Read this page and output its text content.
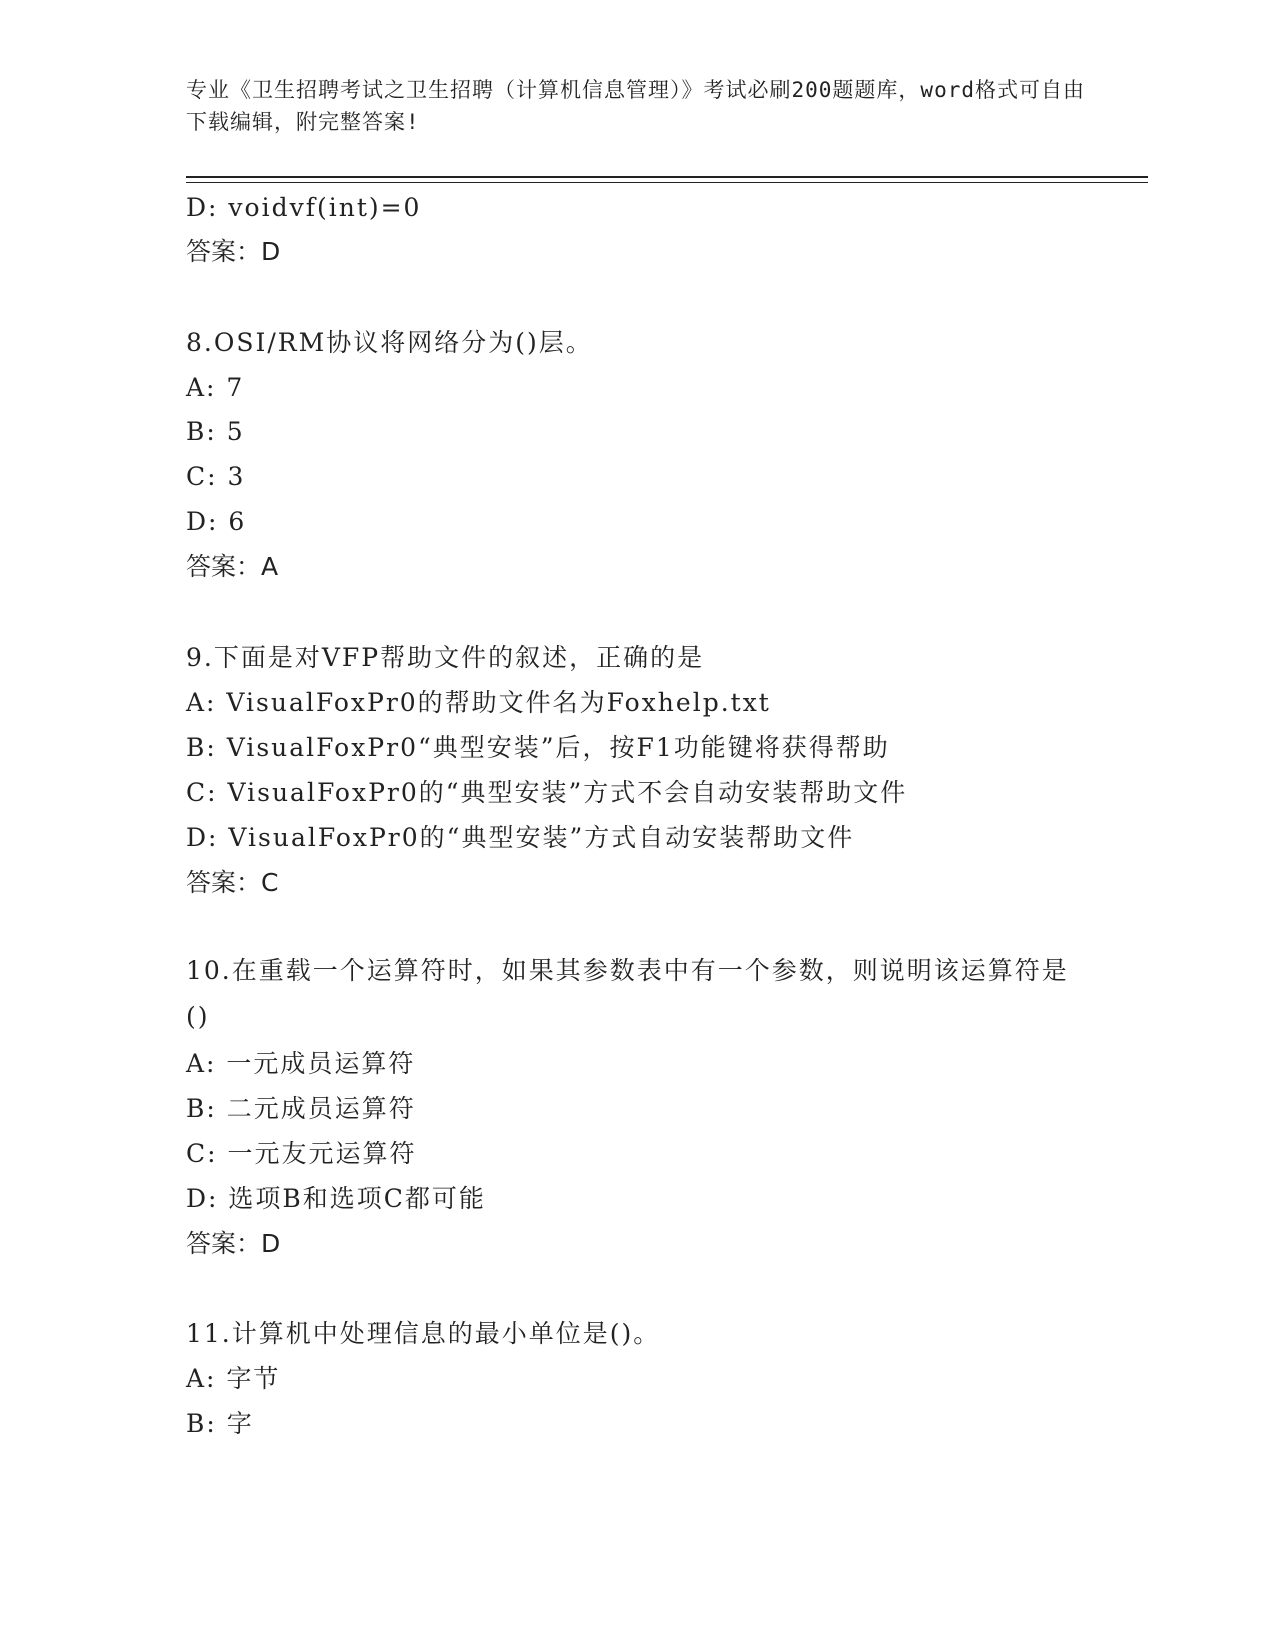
专业《卫生招聘考试之卫生招聘（计算机信息管理）》考试必刷200题题库，word格式可自由下载编辑，附完整答案!
D: voidvf(int)=0
答案：D
8.OSI/RM协议将网络分为()层。
A: 7
B: 5
C: 3
D: 6
答案：A
9.下面是对VFP帮助文件的叙述，正确的是
A: VisualFoxPr0的帮助文件名为Foxhelp.txt
B: VisualFoxPr0“典型安装”后，按F1功能键将获得帮助
C: VisualFoxPr0的“典型安装”方式不会自动安装帮助文件
D: VisualFoxPr0的“典型安装”方式自动安装帮助文件
答案：C
10.在重载一个运算符时，如果其参数表中有一个参数，则说明该运算符是()
A: 一元成员运算符
B: 二元成员运算符
C: 一元友元运算符
D: 选项B和选项C都可能
答案：D
11.计算机中处理信息的最小单位是()。
A: 字节
B: 字
